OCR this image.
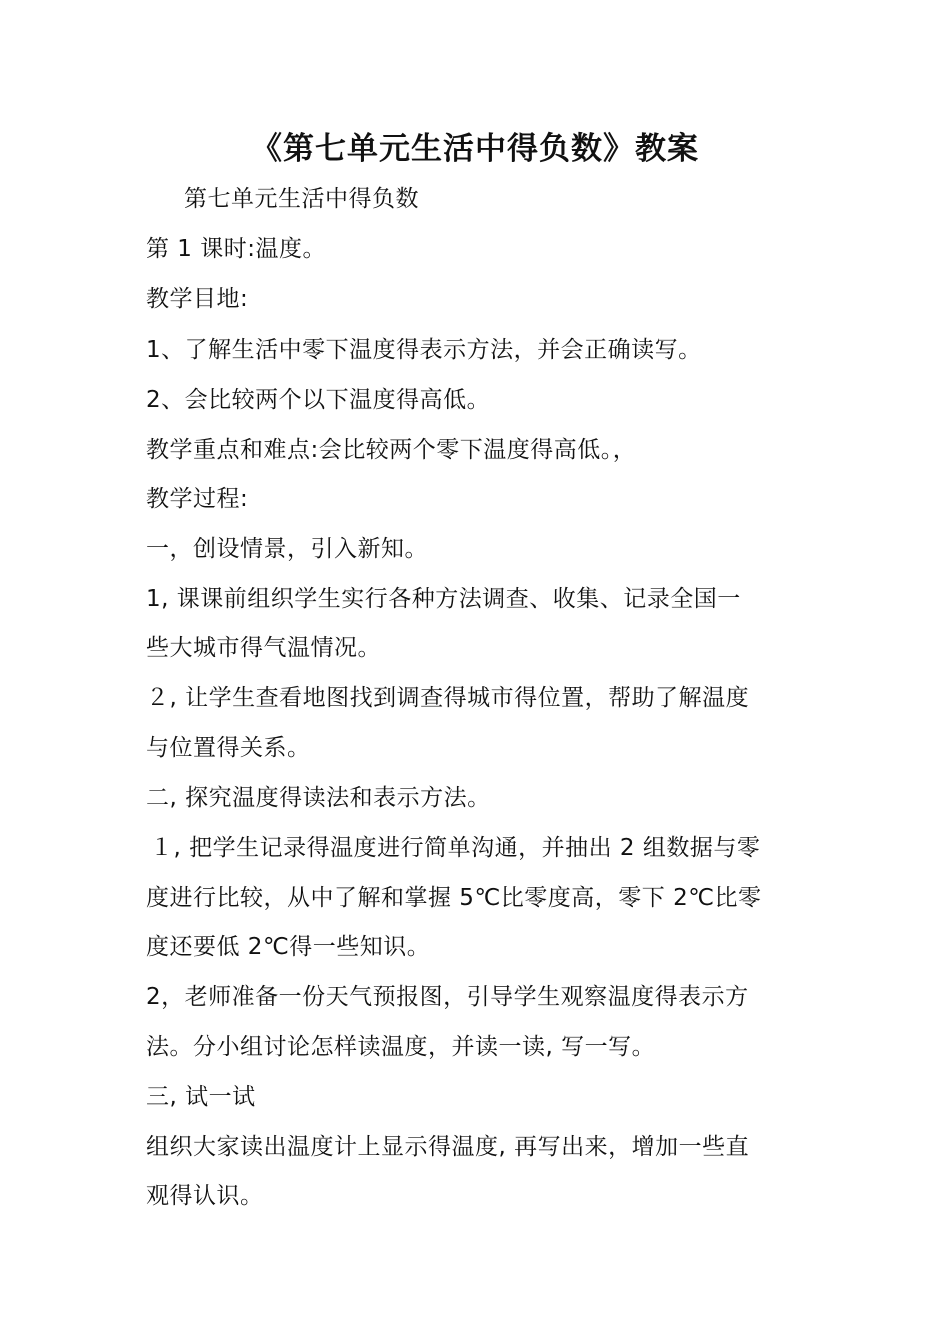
《第七单元生活中得负数》教案
第七单元生活中得负数
第 1 课时:温度。
教学目地:
1、了解生活中零下温度得表示方法，并会正确读写。
2、会比较两个以下温度得高低。
教学重点和难点:会比较两个零下温度得高低。，
教学过程:
一，创设情景，引入新知。
1, 课课前组织学生实行各种方法调查、收集、记录全国一
些大城市得气温情况。
２, 让学生查看地图找到调查得城市得位置，帮助了解温度
与位置得关系。
二, 探究温度得读法和表示方法。
１, 把学生记录得温度进行简单沟通，并抽出 2 组数据与零
度进行比较，从中了解和掌握 5℃比零度高，零下 2℃比零
度还要低 2℃得一些知识。
2，老师准备一份天气预报图，引导学生观察温度得表示方
法。分小组讨论怎样读温度，并读一读, 写一写。
三, 试一试
组织大家读出温度计上显示得温度, 再写出来，增加一些直
观得认识。
